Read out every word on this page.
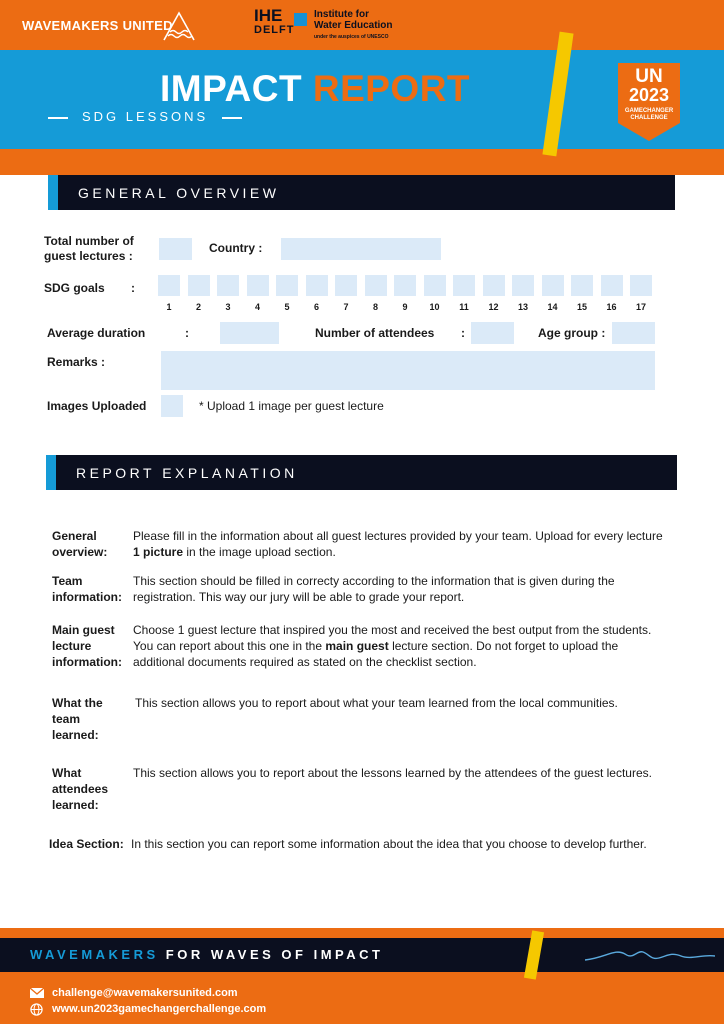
WAVEMAKERS UNITED
IHE
DELFT
Institute for
Water Education
under the auspices of UNESCO
IMPACT REPORT
SDG LESSONS
UN
2023
GAMECHANGER
CHALLENGE
GENERAL OVERVIEW
Total number of guest lectures :
Country :
SDG goals :
1	2	3	4	5	6	7	8	9	10	11	12	13	14	15	16	17
Average duration	:	Number of attendees :	Age group :
Remarks :
Images Uploaded	* Upload 1 image per guest lecture
REPORT EXPLANATION
General overview:
Please fill in the information about all guest lectures provided by your team. Upload for every lecture 1 picture in the image upload section.
Team information:
This section should be filled in correcty according to the information that is given during the registration. This way our jury will be able to grade your report.
Main guest lecture information:
Choose 1 guest lecture that inspired you the most and received the best output from the students. You can report about this one in the main guest lecture section. Do not forget to upload the additional documents required as stated on the checklist section.
What the team learned:
This section allows you to report about what your team learned from the local communities.
What attendees learned:
This section allows you to report about the lessons learned by the attendees of the guest lectures.
Idea Section: In this section you can report some information about the idea that you choose to develop further.
WAVEMAKERS FOR WAVES OF IMPACT
challenge@wavemakersunited.com
www.un2023gamechangerchallenge.com
